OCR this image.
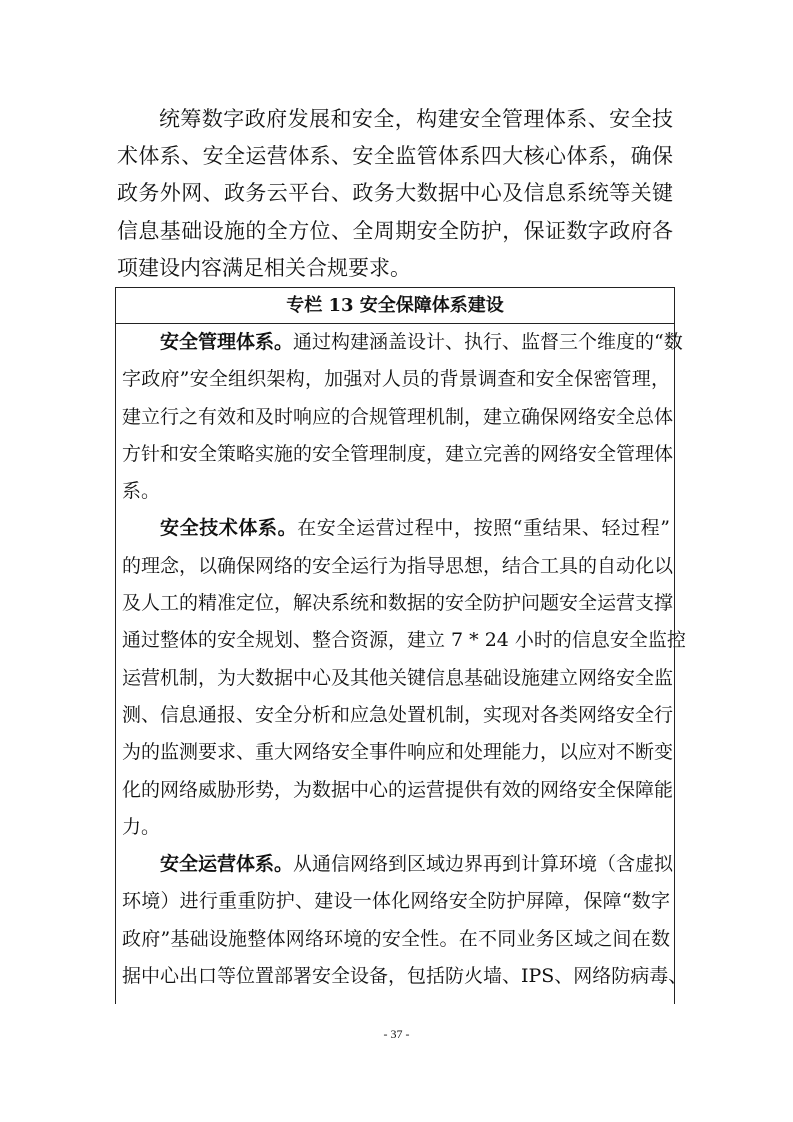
统筹数字政府发展和安全，构建安全管理体系、安全技
术体系、安全运营体系、安全监管体系四大核心体系，确保
政务外网、政务云平台、政务大数据中心及信息系统等关键
信息基础设施的全方位、全周期安全防护，保证数字政府各
项建设内容满足相关合规要求。
专栏 13 安全保障体系建设
安全管理体系。通过构建涵盖设计、执行、监督三个维度的“数
字政府”安全组织架构，加强对人员的背景调查和安全保密管理，
建立行之有效和及时响应的合规管理机制，建立确保网络安全总体
方针和安全策略实施的安全管理制度，建立完善的网络安全管理体
系。
安全技术体系。在安全运营过程中，按照“重结果、轻过程”
的理念，以确保网络的安全运行为指导思想，结合工具的自动化以
及人工的精准定位，解决系统和数据的安全防护问题安全运营支撑
通过整体的安全规划、整合资源，建立 7 * 24 小时的信息安全监控
运营机制，为大数据中心及其他关键信息基础设施建立网络安全监
测、信息通报、安全分析和应急处置机制，实现对各类网络安全行
为的监测要求、重大网络安全事件响应和处理能力，以应对不断变
化的网络威胁形势，为数据中心的运营提供有效的网络安全保障能
力。
安全运营体系。从通信网络到区域边界再到计算环境（含虚拟
环境）进行重重防护、建设一体化网络安全防护屏障，保障“数字
政府”基础设施整体网络环境的安全性。在不同业务区域之间在数
据中心出口等位置部署安全设备，包括防火墙、IPS、网络防病毒、
- 37 -
